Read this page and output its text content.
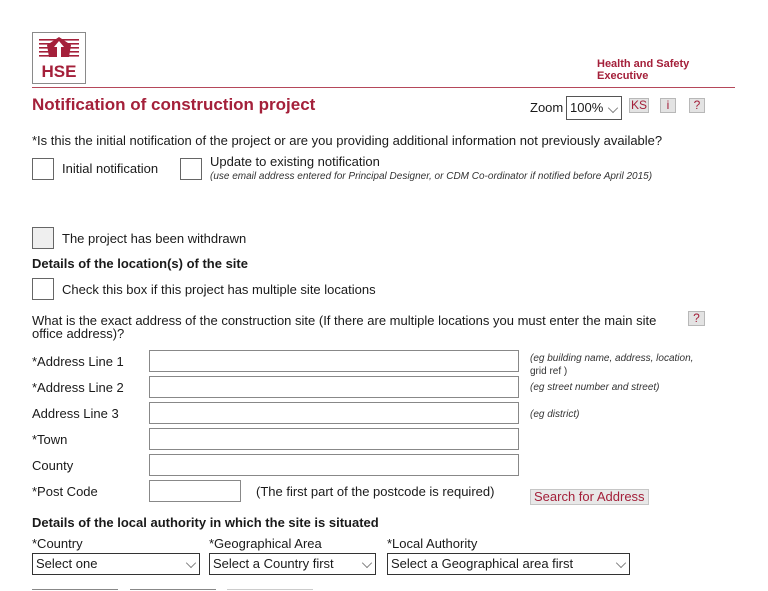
HSE	Health and Safety
Executive
Notification of construction project	Zoom 100%	KS	i	?
*Is this the initial notification of the project or are you providing additional information not previously available?
Initial notification	Update to existing notification
(use email address entered for Principal Designer, or CDM Co-ordinator if notified before April 2015)
The project has been withdrawn
Details of the location(s) of the site
Check this box if this project has multiple site locations
What is the exact address of the construction site (If there are multiple locations you must enter the main site
office address)?
?
*Address Line 1	(eg building name, address, location,
grid ref )
*Address Line 2	(eg street number and street)
Address Line 3	(eg district)
*Town
County
*Post Code	(The first part of the postcode is required)	Search for Address
Details of the local authority in which the site is situated
*Country
Select one
*Geographical Area
Select a Country first
*Local Authority
Select a Geographical area first
